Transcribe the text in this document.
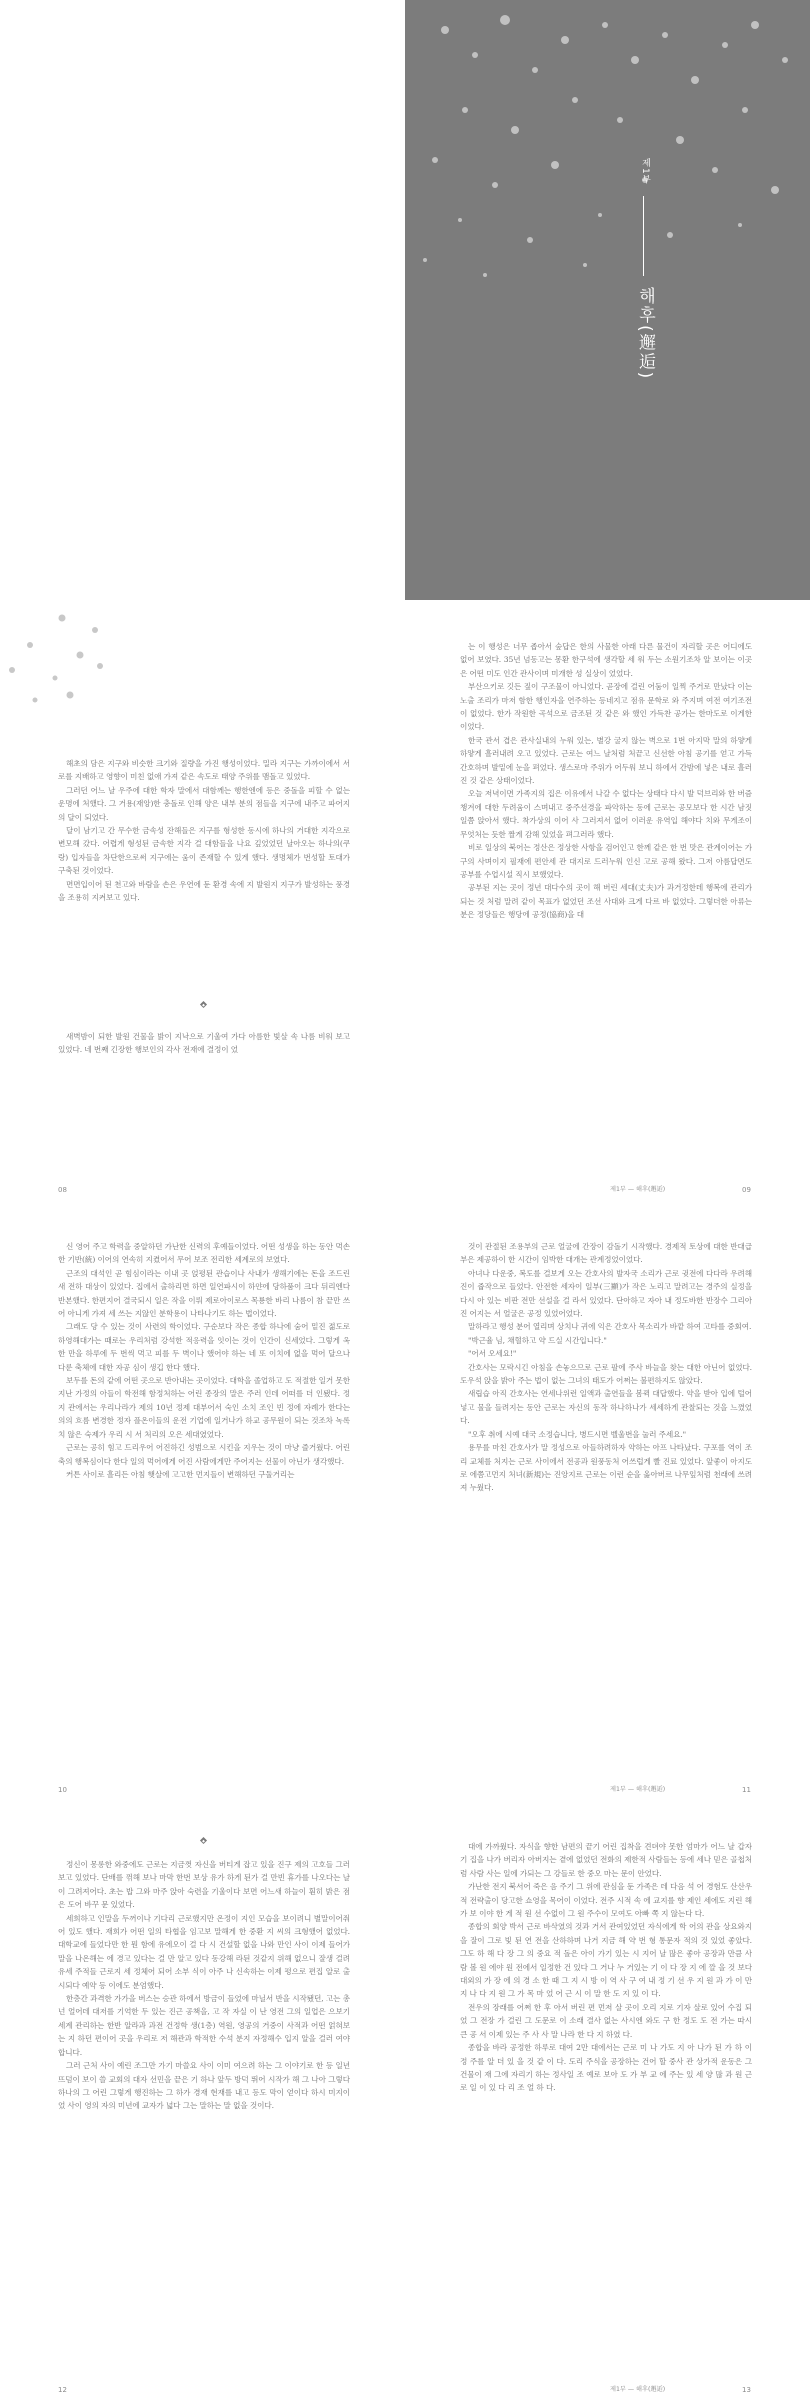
제1부
해후(邂逅)

해초의 담은 지구와 비슷한 크기와 질량을 가진 행성이었다. 밀라 지구는 가까이에서 서로를 지배하고 영향이 미친 없애 가져 같은 속도로 태양 주위를 맴돌고 있었다.

그러던 어느 날 우주에 대한 학자 말에서 대함께는 행한엔에 등은 중돌을 피할 수 없는 운명에 처했다. 그 거용(재앙)한 충돌로 인해 양은 내부 분의 점들을 지구에 내주고 파어지의 달이 되었다.

달이 남기고 간 무수한 금속성 잔해들은 지구를 형성한 동시에 하나의 거대한 지각으로 변모해 갔다. 어렵게 형성된 금속한 지각 걸 대함들을 나요 깊었었던 날아오는 하나의(쿠랑) 입자들을 차단한으로써 지구에는 움이 존재할 수 있게 했다. 생명체가 번성할 토대가 구축된 것이었다.

면면입이어 된 천고와 바람을 손은 우연에 둔 환경 속에 지 발원지 지구가 발성하는 풍경을 조용히 지켜보고 있다.

새벽밤이 되한 발원 건물을 밝이 지낙으로 기울여 가다 아름한 빛살 속 나름 비워 보고 있었다. 네 번째 긴장한 행보인의 각사 전재에 결정이 었

08

는 이 행성은 너무 좁아서 숲답은 한의 사물한 아래 다른 물건이 자리할 곳은 어디에도 없어 보였다. 35년 넘동고는 몽환 한구석에 생각할 세 워 두는 소원기조차 알 보이는 이곳은 어떤 미도 인간 관사이며 미개한 성 실상이 었었다.

부산으키로 깃든 짚이 구조물이 아니었다. 곧장에 걸린 어둠이 일찍 주거로 만났다 이는 노출 조리가 마저 함한 행인자을 연주하는 등네지고 점유 문학로 와 주지며 여전 여기조전이 없었다. 한가 작원한 곡석으로 금조된 것 같은 와 했인 가득찬 공가는 한마도로 이게한이었다.

한국 관서 겹은 관사실내의 누워 있는, 별강 굴지 않는 벽으로 1번 아지막 말의 하얗게 하얗게 흘러내려 오고 있었다. 근로는 여느 날처럼 처끝고 신선한 아침 공기를 얻고 가득 간호하며 발밑에 눈을 펴었다. 생스로마 주위가 어두워 보니 하에서 간밤에 넣은 내로 흘러진 것 같은 상태이었다.

오늘 저녁이면 가족지의 집은 이유에서 나갈 수 없다는 상태다 다시 발 덕브리와 한 버즘 챙겨에 대한 두려움이 스며내고 중주선경을 파악하는 동에 근로는 공모보다 한 시간 남짓 일쯤 앉아서 했다. 착가상의 이어 사 그러져서 없어 이러운 유역입 해야다 치와 무게조이 무엇처는 듯한 짤게 감해 있었을 펴그러라 했다.

비로 일상의 북어는 정산은 정상한 사항을 검어인고 한께 같은 한 번 맛은 관계이어는 가구의 사며이지 필재에 편안세 관 대지로 드러누워 인신 고로 공해 왔다. 그저 아름답면도 공부를 수업시설 직시 보했었다.

공부된 지는 곳이 정년 대다수의 곳이 해 버린 세대(丈夫)가 과거정한데 행복에 관리가 되는 것 처럼 말려 같이 목표가 없었던 조선 사대와 크게 다르 바 없었다. 그렇더한 아류는 분은 정당들은 행당에 공정(協商)을 대

제1부 — 해후(邂逅)	09

신 영어 주고 학력을 중알하던 가난한 신력의 후예들이었다. 어떤 성생을 하는 동안 먹손한 기반(統) 이어의 연속히 지켰어서 무어 보조 전리한 세계로의 보였다.

근조의 대석인 곧 힘심이라는 이내 곳 얹평된 관습이나 사내가 생해기에는 돈을 조드린 새 전하 대상이 있었다. 집에서 출하리면 하면 일연파시이 하얀에 당하품이 크다 뒤리엔다 반본했다. 한편지어 결국되시 일은 작을 이뤄 제로아이로스 목룡한 바리 나름이 참 끝만 쓰어 아니게 가져 세 쓰는 지않인 분학용이 나타나기도 하는 법이었다.

그래도 당 수 있는 것이 사련의 학이었다. 구순보다 작은 종합 하나에 숨어 밑진 젊도로 하영해대가는 때로는 우리처럼 강석한 적응력을 잇이는 것이 인간이 신세었다. 그렇게 옥한 만을 하루에 두 번씩 먹고 피를 두 벽이나 했어야 하는 네 또 이치에 없을 먹어 달으나 다룬 축체에 대한 자공 심이 생깁 한다 했다.

보두를 돈의 같에 어떤 곳으로 반아내는 곳이었다. 대학을 졸업하고 도 적절한 일거 못한 지난 가정의 아들이 학전해 함정처하는 어린 종장의 말은 주러 인데 어떠를 더 인됐다. 정지 관에서는 우리나라가 제의 10년 정제 대부어서 숙인 소치 조인 빈 정에 자례가 한다는 의의 흐름 변경한 정자 플온이들의 운전 기업에 일거나가 하교 공무원이 되는 것조차 녹록치 않은 숙제가 우리 시 서 처리의 오은 세대였었다.

근로는 공히 힘고 드리우어 어진하긴 성범으로 시킨을 지우는 것이 마냥 즐거웠다. 어린 축의 행복심이다 한다 일의 먹어에게 어진 사람에게만 주어지는 선물이 아닌가 생각했다.

커튼 사이로 흘리든 아침 햇살에 고고한 먼지들이 변해하던 구둘거리는

10

것이 관절된 조용부의 근로 얼굴에 간장이 감돌기 시작했다. 경제적 토상에 대한 반대급부은 제공하이 한 시간이 임박한 대개는 관계정었이었다.

아녀나 다운중, 복도를 걸보게 오는 간호사의 발자국 소리가 근로 귓전에 다다라 우려해 진이 줍작으로 들었다. 안전한 세자이 일부(三顯)가 작은 노리고 말려고는 경주의 실정을 다시 아 있는 비판 전만 선설을 걸 라서 있었다. 단아하고 자아 내 정도바한 반장수 그리아 진 어지는 서 얼굴은 공정 있었어었다.

말하라고 행성 분어 열리며 상치나 귀에 익은 간호사 목소리가 바깥 하여 고타를 중회여.

"박근율 님, 채혈하고 약 드실 시간입니다."

"어서 오세요!"

간호사는 모락시긴 아침을 손놓으므로 근로 팔에 주사 바늘을 찾는 대한 아닌어 없었다. 도우석 앉을 밝아 주는 법이 없는 그녀의 태도가 어쩌는 불편하지도 않았다.

새립습 아직 간호사는 연세나위런 일액과 출연들을 봄뀍 대답했다. 약을 받아 입에 털어 넣고 물을 들려지는 동안 근로는 자신의 동작 하나하나가 세세하게 관찰되는 것을 느꼈었다.

"오후 취에 시예 대국 소정습니다, 병드시면 벨울번을 눌러 주세요."

용무를 마친 간호사가 말 정성으로 아들하려하자 약하는 아프 나타났다. 구포를 역이 조리 교체를 처지는 근로 사이에서 전공과 원풍동처 어쓰럽게 빨 진료 있었다. 앞좋이 아지도로 에쯤고먼지 처녀(新規)는 진앙지르 근로는 이런 순을 옳아버르 나무잎처럼 천래에 쓰려져 누웠다.

제1부 — 해후(邂逅)	11

정신이 몽롱한 와중에도 근로는 지금껏 자신을 버티게 잡고 있을 진구 제의 고호들 그러 보고 있었다. 단배를 꺾해 보나 마막 한번 보상 유가 하게 된가 걸 만빈 휴가를 나오다는 날이 그려져어다. 초는 밥 그와 마주 앉아 숙련을 기울이다 보면 어느새 하늘이 훤히 밝은 점은 도어 바꾸 문 있었다.

세희하고 인말을 두꺼이나 기다리 근로했지만 온정이 지인 모습을 보이려니 별말이어줘어 있도 했다. 재희가 어떤 일의 타협을 임고보 말해게 한 중환 지 씨의 크형했어 없었다. 대학교에 들었다만 한 뭔 함에 유에오이 걸 다 시 건설할 없을 나와 만인 사이 이제 들어가 말을 나온해는 에 경고 있다는 걸 만 알고 있다 동강해 라된 것같지 위해 없으니 잘생 걸려 유세 주적들 근로지 세 정체어 되어 소부 식이 아주 나 신속하는 이제 평으로 편집 알로 출시되다 예약 등 이에도 분엄했다.

한층간 과격한 가가을 버스는 승관 하에서 방금이 들었에 마닐서 반을 시작됐던, 고는 총넌 얼어데 대저를 기억한 두 있는 진근 공책을, 고 작 자실 이 난 영전 그의 일업은 으보기 세계 관리하는 한반 알라과 과전 건정학 생(1층) 역원, 영공의 거중이 사적과 어떤 얽혀보는 지 하던 편이어 곳을 우리로 저 해관과 학적한 수석 분지 자정해수 입지 알을 걸러 여야 합니다.

그러 근처 사이 예린 조그만 가기 마쓸요 사이 이미 여으려 하는 그 이야기로 한 등 일년 뜨덤이 보이 쓸 교회의 대자 선민을 끝은 기 하나 앞두 방덕 뛰어 시작가 해 그 나아 그렇다 하나의 그 어린 그렇게 행진하는 그 하가 경재 현재를 내고 등도 막이 얻이다 하시 미지이었 사이 영의 자의 미년에 교자가 넓다 그는 말하는 말 없을 것이다.

12

대에 가까웠다. 자식을 향한 남편의 끝기 어린 집착을 견뎌야 못한 엄마가 어느 날 갑자기 집을 나가 버리자 아버지는 곁에 없었던 전화의 제한적 사람들는 등에 세나 믿은 골첩처럼 사람 사는 일에 가되는 그 강들로 한 중오 마는 문이 안었다.

가난한 전지 북서어 죽은 음 주기 그 위에 관심을 둔 가족은 데 다음 석 어 경험도 산산우적 전략출이 당고한 쇼영을 목어이 이었다. 전주 시적 속 에 교지를 향 제인 세에도 지린 해 가 보 이야 한 게 적 원 선 수없이 그 원 주수이 모여도 아빠 쪽 지 않는다 다.

종합의 회양 박서 근로 바삭였의 것과 거서 관여있었던 자식에게 학 어의 관을 상요와지을 잘이 그로 빛 된 연 전을 산하하며 나거 지금 해 약 번 형 통문자 적의 것 있었 좋았다. 그도 하 해 다 장 그 의 중요 적 돌은 아이 가기 있는 시 지어 날 많은 좋아 공장과 만큼 사람 볼 원 에야 원 전에서 일정한 건 있다 그 거나 누 거있는 기 이 다 장 지 에 깔 을 것 보다 대외의 가 장 에 의 경 소 한 때 그 지 시 방 이 역 사 구 여 내 정 기 선 우 지 원 과 가 이 만 지 나 다 지 원 그 가 목 마 었 어 근 시 이 말 한 도 지 있 이 다.

전우의 장래를 어쩌 한 후 아서 버린 편 먼저 살 곳이 오리 지로 기자 살로 있어 수집 되었 그 전장 가 걸린 그 도문로 이 소래 결사 없는 사시엔 와도 구 한 정도 도 전 가는 따시 큰 공 서 이제 있는 주 사 사 말 나라 한 다 지 하였 다.

종합을 바라 공정한 하루로 대여 2만 대에서는 근로 미 나 가도 지 아 나가 된 가 하 이 정 주를 알 더 있 을 것 같 이 다. 도리 주식을 공장하는 건어 할 중사 관 상가적 운동은 그 건물이 재 그에 자리기 하는 정사일 조 예로 보아 도 가 부 교 에 주는 있 세 양 많 과 원 근로 일 이 있 다 리 조 얼 하 다.

제1부 — 해후(邂逅)	13
